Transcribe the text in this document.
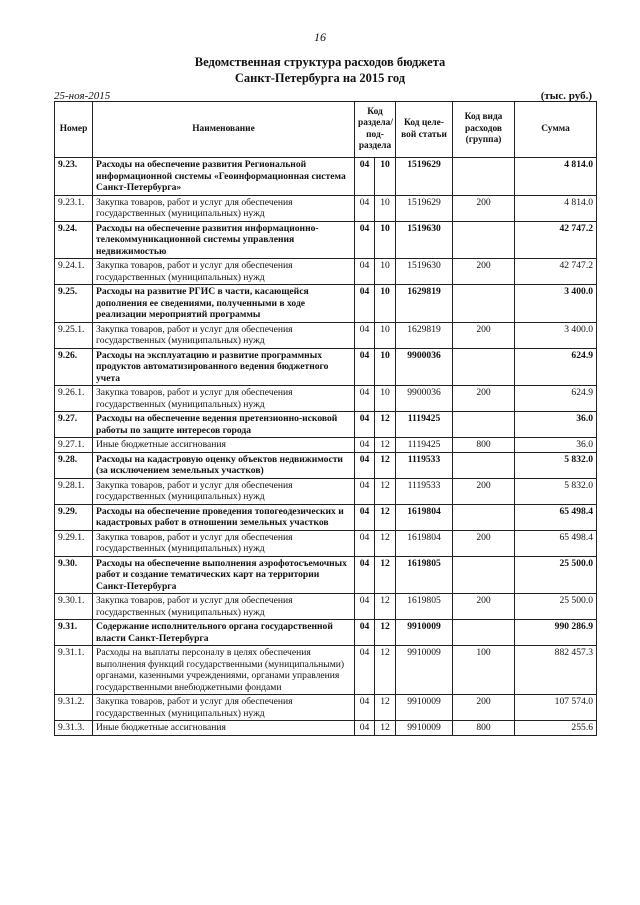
16
Ведомственная структура расходов бюджета
Санкт-Петербурга на 2015 год
25-ноя-2015	(тыс. руб.)
Номер	Наименование	Код раздела/ под-раздела		Код целе-вой статьи	Код вида расходов (группа)	Сумма
9.23.	Расходы на обеспечение развития Региональной информационной системы «Геоинформационная система Санкт-Петербурга»	04	10	1519629		4 814.0
9.23.1.	Закупка товаров, работ и услуг для обеспечения государственных (муниципальных) нужд	04	10	1519629	200	4 814.0
9.24.	Расходы на обеспечение развития информационно-телекоммуникационной системы управления недвижимостью	04	10	1519630		42 747.2
9.24.1.	Закупка товаров, работ и услуг для обеспечения государственных (муниципальных) нужд	04	10	1519630	200	42 747.2
9.25.	Расходы на развитие РГИС в части, касающейся дополнения ее сведениями, полученными в ходе реализации мероприятий программы	04	10	1629819		3 400.0
9.25.1.	Закупка товаров, работ и услуг для обеспечения государственных (муниципальных) нужд	04	10	1629819	200	3 400.0
9.26.	Расходы на эксплуатацию и развитие программных продуктов автоматизированного ведения бюджетного учета	04	10	9900036		624.9
9.26.1.	Закупка товаров, работ и услуг для обеспечения государственных (муниципальных) нужд	04	10	9900036	200	624.9
9.27.	Расходы на обеспечение ведения претензионно-исковой работы по защите интересов города	04	12	1119425		36.0
9.27.1.	Иные бюджетные ассигнования	04	12	1119425	800	36.0
9.28.	Расходы на кадастровую оценку объектов недвижимости (за исключением земельных участков)	04	12	1119533		5 832.0
9.28.1.	Закупка товаров, работ и услуг для обеспечения государственных (муниципальных) нужд	04	12	1119533	200	5 832.0
9.29.	Расходы на обеспечение проведения топогеодезических и кадастровых работ в отношении земельных участков	04	12	1619804		65 498.4
9.29.1.	Закупка товаров, работ и услуг для обеспечения государственных (муниципальных) нужд	04	12	1619804	200	65 498.4
9.30.	Расходы на обеспечение выполнения аэрофотосъемочных работ и создание тематических карт на территории Санкт-Петербурга	04	12	1619805		25 500.0
9.30.1.	Закупка товаров, работ и услуг для обеспечения государственных (муниципальных) нужд	04	12	1619805	200	25 500.0
9.31.	Содержание исполнительного органа государственной власти Санкт-Петербурга	04	12	9910009		990 286.9
9.31.1.	Расходы на выплаты персоналу в целях обеспечения выполнения функций государственными (муниципальными) органами, казенными учреждениями, органами управления государственными внебюджетными фондами	04	12	9910009	100	882 457.3
9.31.2.	Закупка товаров, работ и услуг для обеспечения государственных (муниципальных) нужд	04	12	9910009	200	107 574.0
9.31.3.	Иные бюджетные ассигнования	04	12	9910009	800	255.6
